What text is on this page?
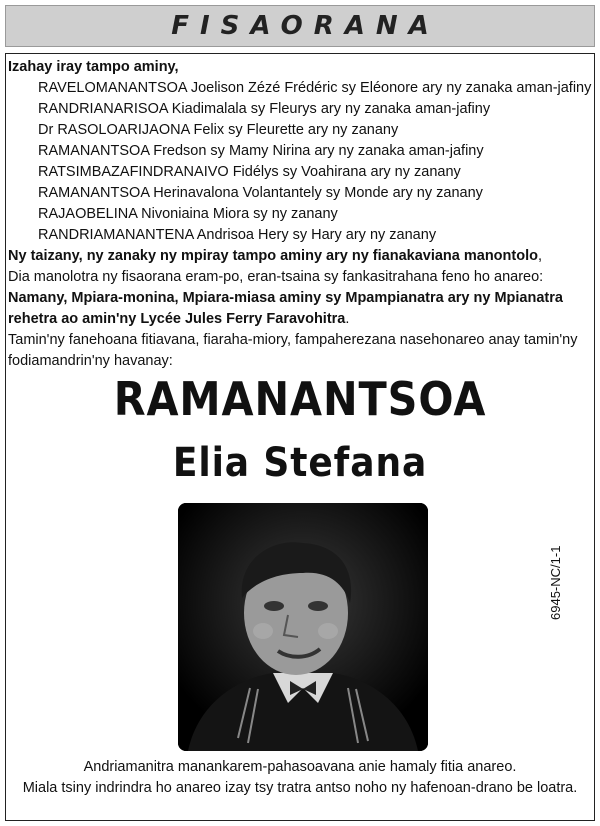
FISAORANA
Izahay iray tampo aminy,
RAVELOMANANTSOA Joelison Zézé Frédéric sy Eléonore ary ny zanaka aman-jafiny
RANDRIANARISOA Kiadimalala sy Fleurys ary ny zanaka aman-jafiny
Dr RASOLOARIJAONA Felix sy Fleurette ary ny zanany
RAMANANTSOA Fredson sy Mamy Nirina ary ny zanaka aman-jafiny
RATSIMBAZAFINDRANAIVO Fidélys sy Voahirana ary ny zanany
RAMANANTSOA Herinavalona Volantantely sy Monde ary ny zanany
RAJAOBELINA Nivoniaina Miora sy ny zanany
RANDRIAMANANTENA Andrisoa Hery sy Hary ary ny zanany
Ny taizany, ny zanaky ny mpiray tampo aminy ary ny fianakaviana manontolo,
Dia manolotra ny fisaorana eram-po, eran-tsaina sy fankasitrahana feno ho anareo:
Namany, Mpiara-monina, Mpiara-miasa aminy sy Mpampianatra ary ny Mpianatra rehetra ao amin'ny Lycée Jules Ferry Faravohitra.
Tamin'ny fanehoana fitiavana, fiaraha-miory, fampaherezana nasehonareo anay tamin'ny fodiamandrin'ny havanay:
RAMANANTSOA
Elia Stefana
6945-NC/1-1
Andriamanitra manankarem-pahasoavana anie hamaly fitia anareo.
Miala tsiny indrindra ho anareo izay tsy tratra antso noho ny hafenoan-drano be loatra.
